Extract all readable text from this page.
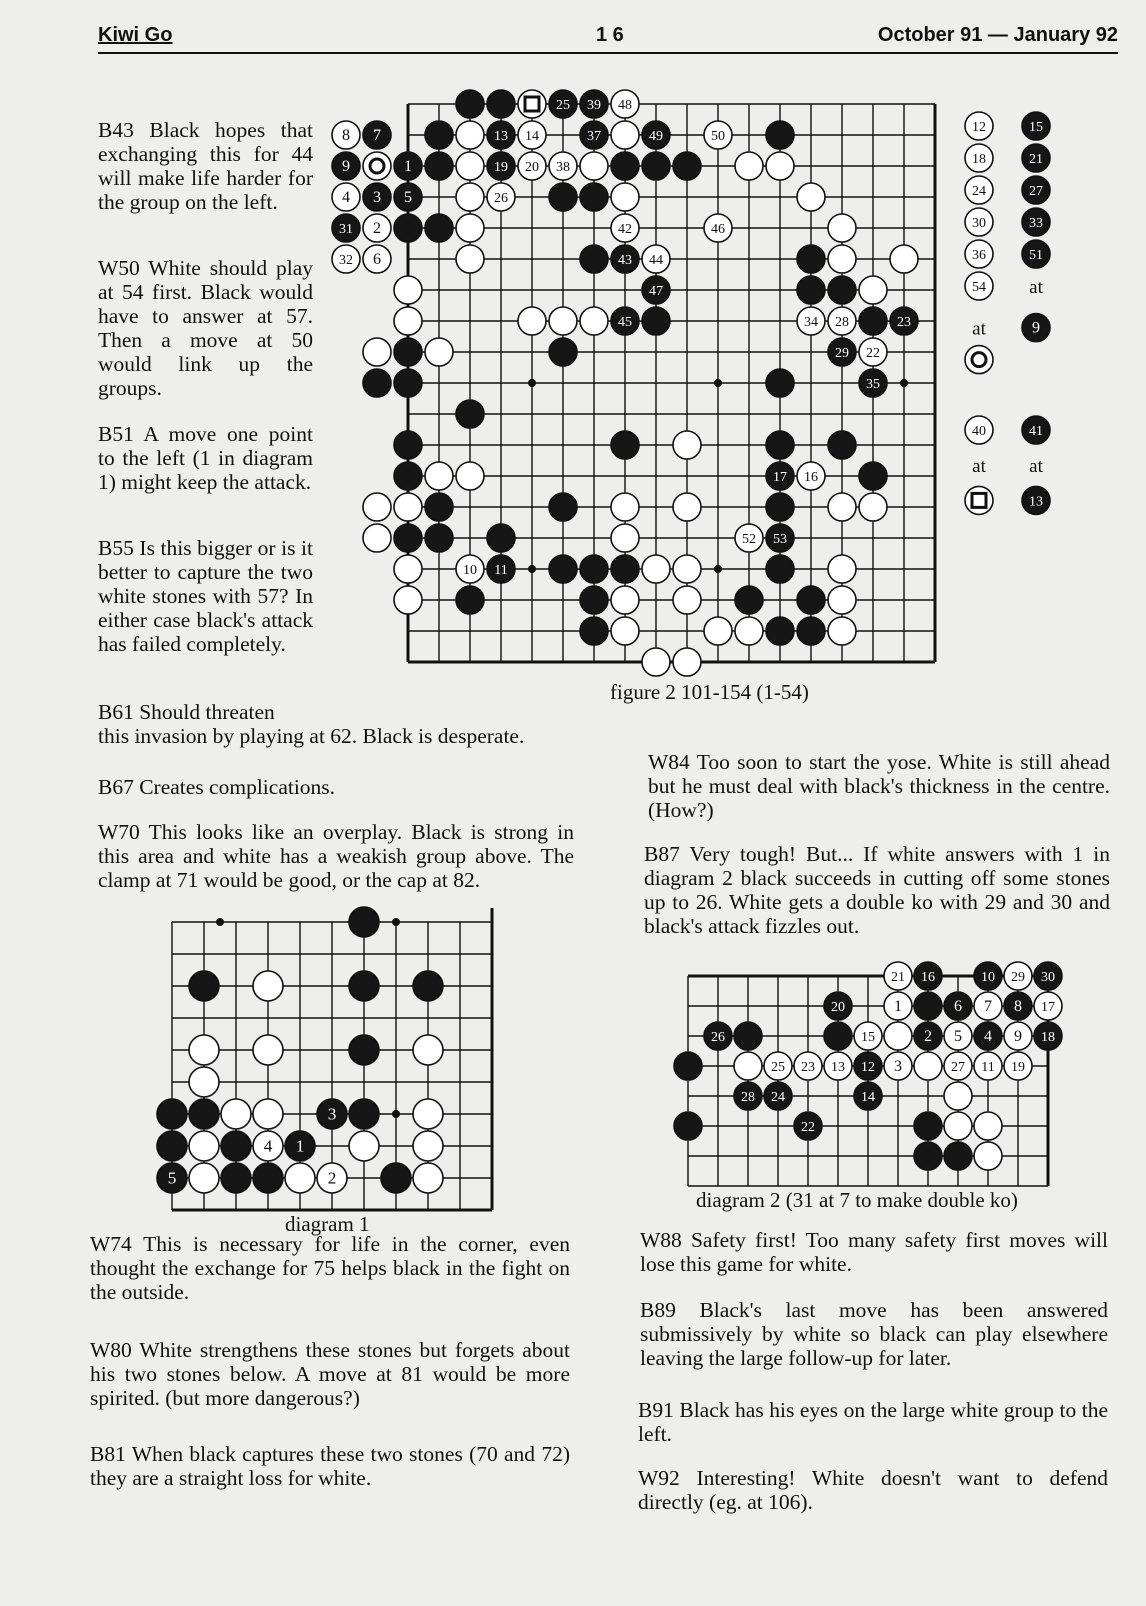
Kiwi Go	1 6	October 91 — January 92

B43 Black hopes that exchanging this for 44 will make life harder for the group on the left.

W50 White should play at 54 first. Black would have to answer at 57. Then a move at 50 would link up the groups.

B51 A move one point to the left (1 in diagram 1) might keep the attack.

B55 Is this bigger or is it better to capture the two white stones with 57? In either case black's attack has failed completely.

B61 Should threaten

this invasion by playing at 62. Black is desperate.

B67 Creates complications.

W70 This looks like an overplay. Black is strong in this area and white has a weakish group above. The clamp at 71 would be good, or the cap at 82.

W74 This is necessary for life in the corner, even thought the exchange for 75 helps black in the fight on the outside.

W80 White strengthens these stones but forgets about his two stones below. A move at 81 would be more spirited. (but more dangerous?)

B81 When black captures these two stones (70 and 72) they are a straight loss for white.

W84 Too soon to start the yose. White is still ahead but he must deal with black's thickness in the centre. (How?)

B87 Very tough! But... If white answers with 1 in diagram 2 black succeeds in cutting off some stones up to 26. White gets a double ko with 29 and 30 and black's attack fizzles out.

W88 Safety first! Too many safety first moves will lose this game for white.

B89 Black's last move has been answered submissively by white so black can play elsewhere leaving the large follow-up for later.

B91 Black has his eyes on the large white group to the left.

W92 Interesting! White doesn't want to defend directly (eg. at 106).

25 39 48
8 7	13 14	37	49	50
9	1	19 20 38
4 3 5	26
31 2	42	46
32 6	43 44
47
45	34 28	23
29 22
35
17 16
52 53
10 11
12	15
18	21
24	27
30	33
36	51
54 at
at	9
40	41
at at
13
figure 2 101-154 (1-54)
3
4 1
5	2
diagram 1
21 16	10 29 30
20	1	6 7 8 17
26	15	2 5 4 9 18
25 23 13 12 3	27 11 19
28 24	14
22
diagram 2 (31 at 7 to make double ko)
